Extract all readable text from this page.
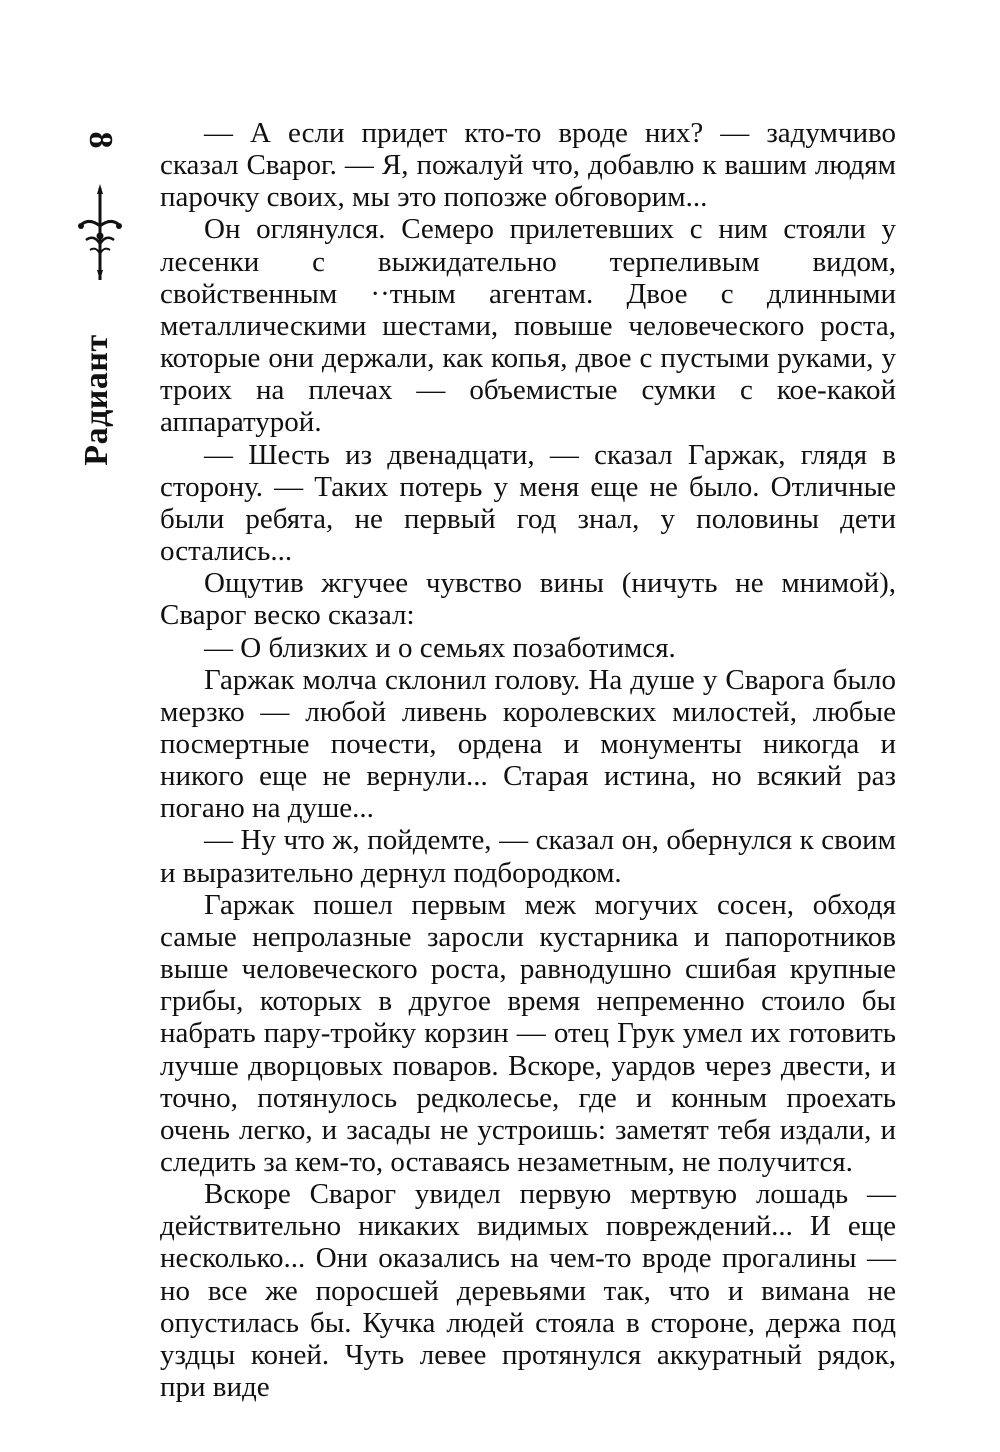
8
Радиант

— А если придет кто-то вроде них? — задумчиво сказал Сварог. — Я, пожалуй что, добавлю к вашим людям парочку своих, мы это попозже обговорим...

Он оглянулся. Семеро прилетевших с ним стояли у лесенки с выжидательно терпеливым видом, свойственным ··тным агентам. Двое с длинными металлическими шестами, повыше человеческого роста, которые они держали, как копья, двое с пустыми руками, у троих на плечах — объемистые сумки с кое-какой аппаратурой.

— Шесть из двенадцати, — сказал Гаржак, глядя в сторону. — Таких потерь у меня еще не было. Отличные были ребята, не первый год знал, у половины дети остались...

Ощутив жгучее чувство вины (ничуть не мнимой), Сварог веско сказал:

— О близких и о семьях позаботимся.

Гаржак молча склонил голову. На душе у Сварога было мерзко — любой ливень королевских милостей, любые посмертные почести, ордена и монументы никогда и никого еще не вернули... Старая истина, но всякий раз погано на душе...

— Ну что ж, пойдемте, — сказал он, обернулся к своим и выразительно дернул подбородком.

Гаржак пошел первым меж могучих сосен, обходя самые непролазные заросли кустарника и папоротников выше человеческого роста, равнодушно сшибая крупные грибы, которых в другое время непременно стоило бы набрать пару-тройку корзин — отец Грук умел их готовить лучше дворцовых поваров. Вскоре, уардов через двести, и точно, потянулось редколесье, где и конным проехать очень легко, и засады не устроишь: заметят тебя издали, и следить за кем-то, оставаясь незаметным, не получится.

Вскоре Сварог увидел первую мертвую лошадь — действительно никаких видимых повреждений... И еще несколько... Они оказались на чем-то вроде прогалины — но все же поросшей деревьями так, что и вимана не опустилась бы. Кучка людей стояла в стороне, держа под уздцы коней. Чуть левее протянулся аккуратный рядок, при виде
